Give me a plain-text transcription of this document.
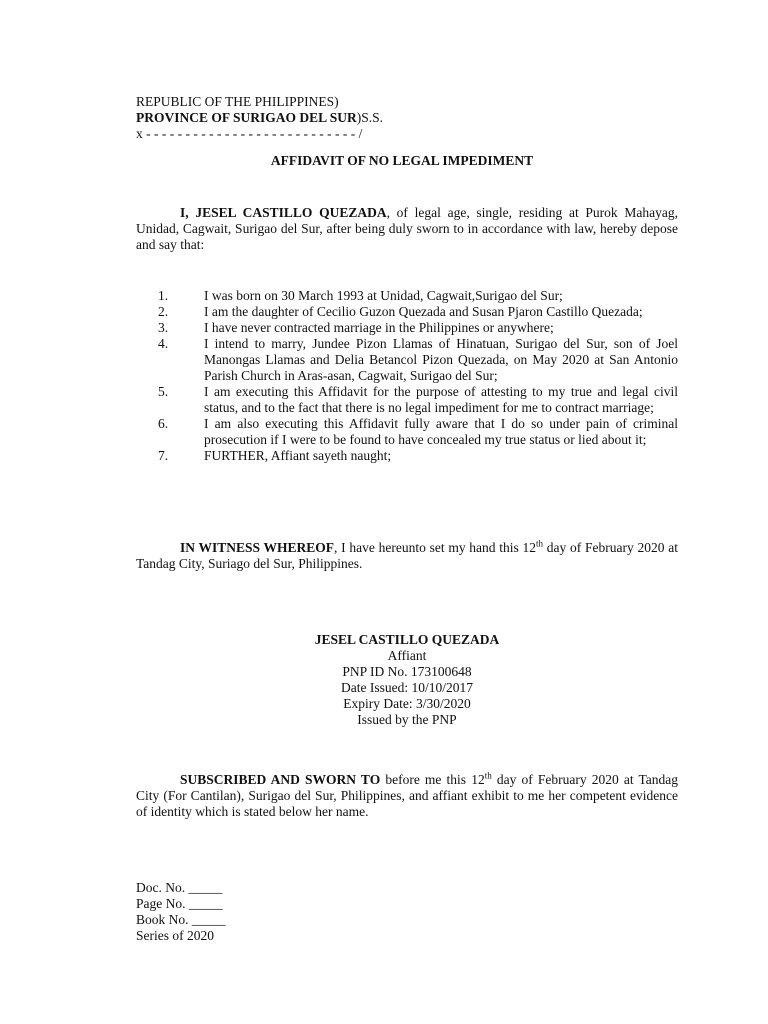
REPUBLIC OF THE PHILIPPINES)
PROVINCE OF SURIGAO DEL SUR)S.S.
x - - - - - - - - - - - - - - - - - - - - - - - - - - - /
AFFIDAVIT OF NO LEGAL IMPEDIMENT
I, JESEL CASTILLO QUEZADA, of legal age, single, residing at Purok Mahayag, Unidad, Cagwait, Surigao del Sur, after being duly sworn to in accordance with law, hereby depose and say that:
1.	I was born on 30 March 1993 at Unidad, Cagwait,Surigao del Sur;
2.	I am the daughter of Cecilio Guzon Quezada and Susan Pjaron Castillo Quezada;
3.	I have never contracted marriage in the Philippines or anywhere;
4.	I intend to marry, Jundee Pizon Llamas of Hinatuan, Surigao del Sur, son of Joel Manongas Llamas and Delia Betancol Pizon Quezada, on May 2020 at San Antonio Parish Church in Aras-asan, Cagwait, Surigao del Sur;
5.	I am executing this Affidavit for the purpose of attesting to my true and legal civil status, and to the fact that there is no legal impediment for me to contract marriage;
6.	I am also executing this Affidavit fully aware that I do so under pain of criminal prosecution if I were to be found to have concealed my true status or lied about it;
7.	FURTHER, Affiant sayeth naught;
IN WITNESS WHEREOF, I have hereunto set my hand this 12th day of February 2020 at Tandag City, Suriago del Sur, Philippines.
JESEL CASTILLO QUEZADA
Affiant
PNP ID No. 173100648
Date Issued: 10/10/2017
Expiry Date: 3/30/2020
Issued by the PNP
SUBSCRIBED AND SWORN TO before me this 12th day of February 2020 at Tandag City (For Cantilan), Surigao del Sur, Philippines, and affiant exhibit to me her competent evidence of identity which is stated below her name.
Doc. No. _____
Page No. _____
Book No. _____
Series of 2020
